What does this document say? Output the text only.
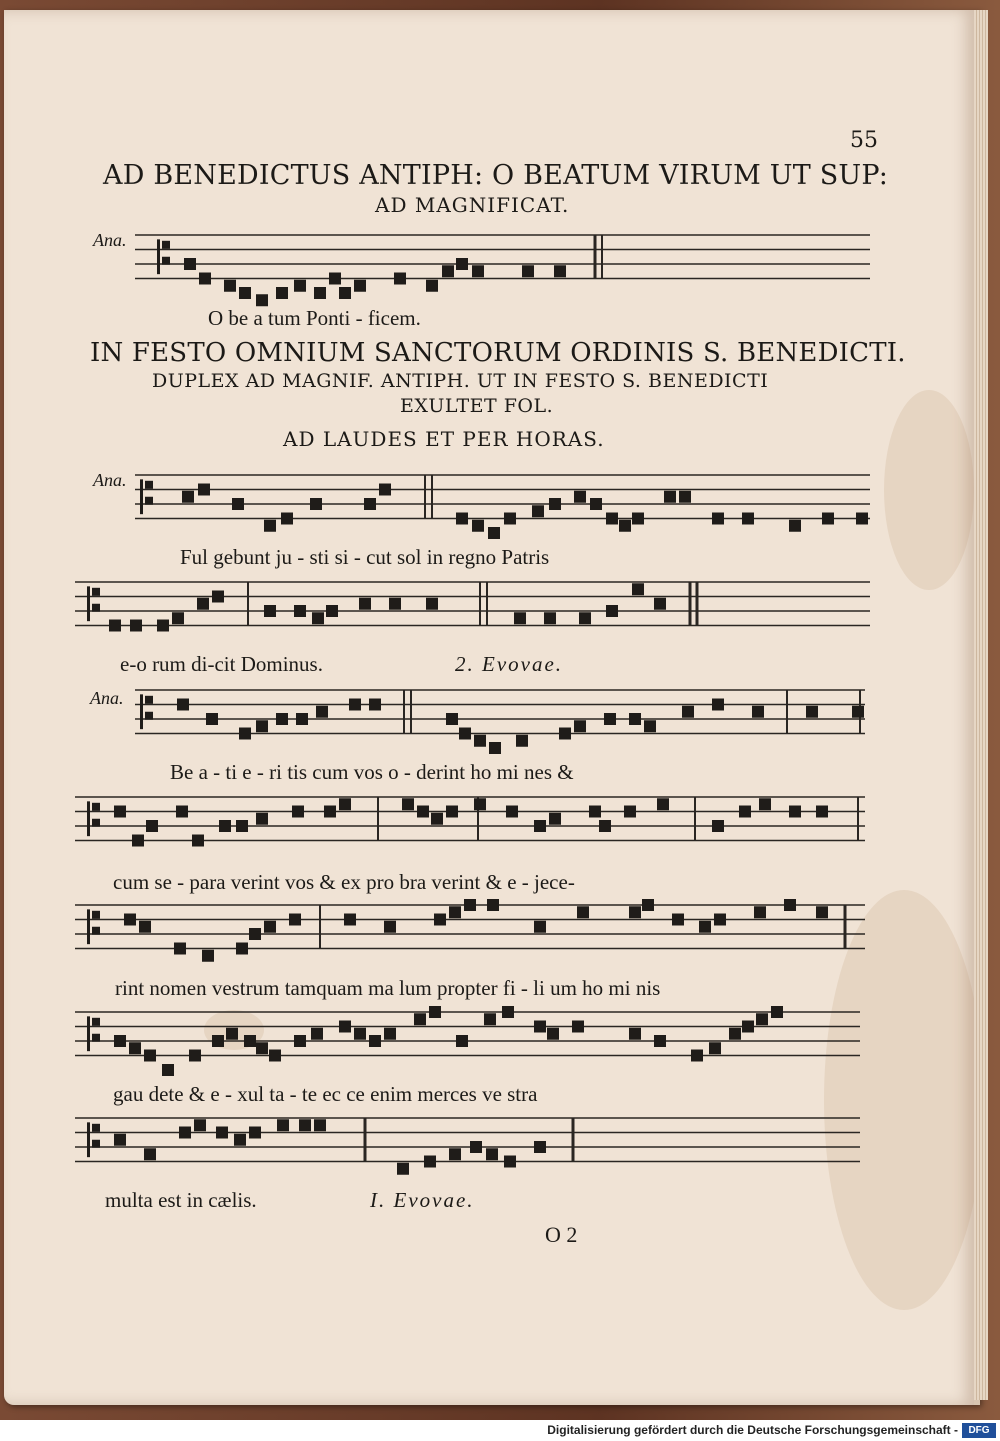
55
AD BENEDICTUS ANTIPH: O BEATUM VIRUM UT SUP:
AD MAGNIFICAT.
IN FESTO OMNIUM SANCTORUM ORDINIS S. BENEDICTI.
DUPLEX AD MAGNIF. ANTIPH. UT IN FESTO S. BENEDICTI
EXULTET FOL.
AD LAUDES ET PER HORAS.
Ana.
Ana.
Ana.
O be a tum Ponti - ficem.
Ful gebunt ju - sti si - cut sol in regno Patris
e-o rum di-cit Dominus.	2. Evovae.
Be a - ti e - ri tis cum vos o - derint ho mi nes &
cum se - para verint vos & ex pro bra verint & e - jece-
rint nomen vestrum tamquam ma lum propter fi - li um ho mi nis
gau dete & e - xul ta - te ec ce enim merces ve stra
multa est in cælis.	I. Evovae.
O 2
Digitalisierung gefördert durch die Deutsche Forschungsgemeinschaft -	DFG
